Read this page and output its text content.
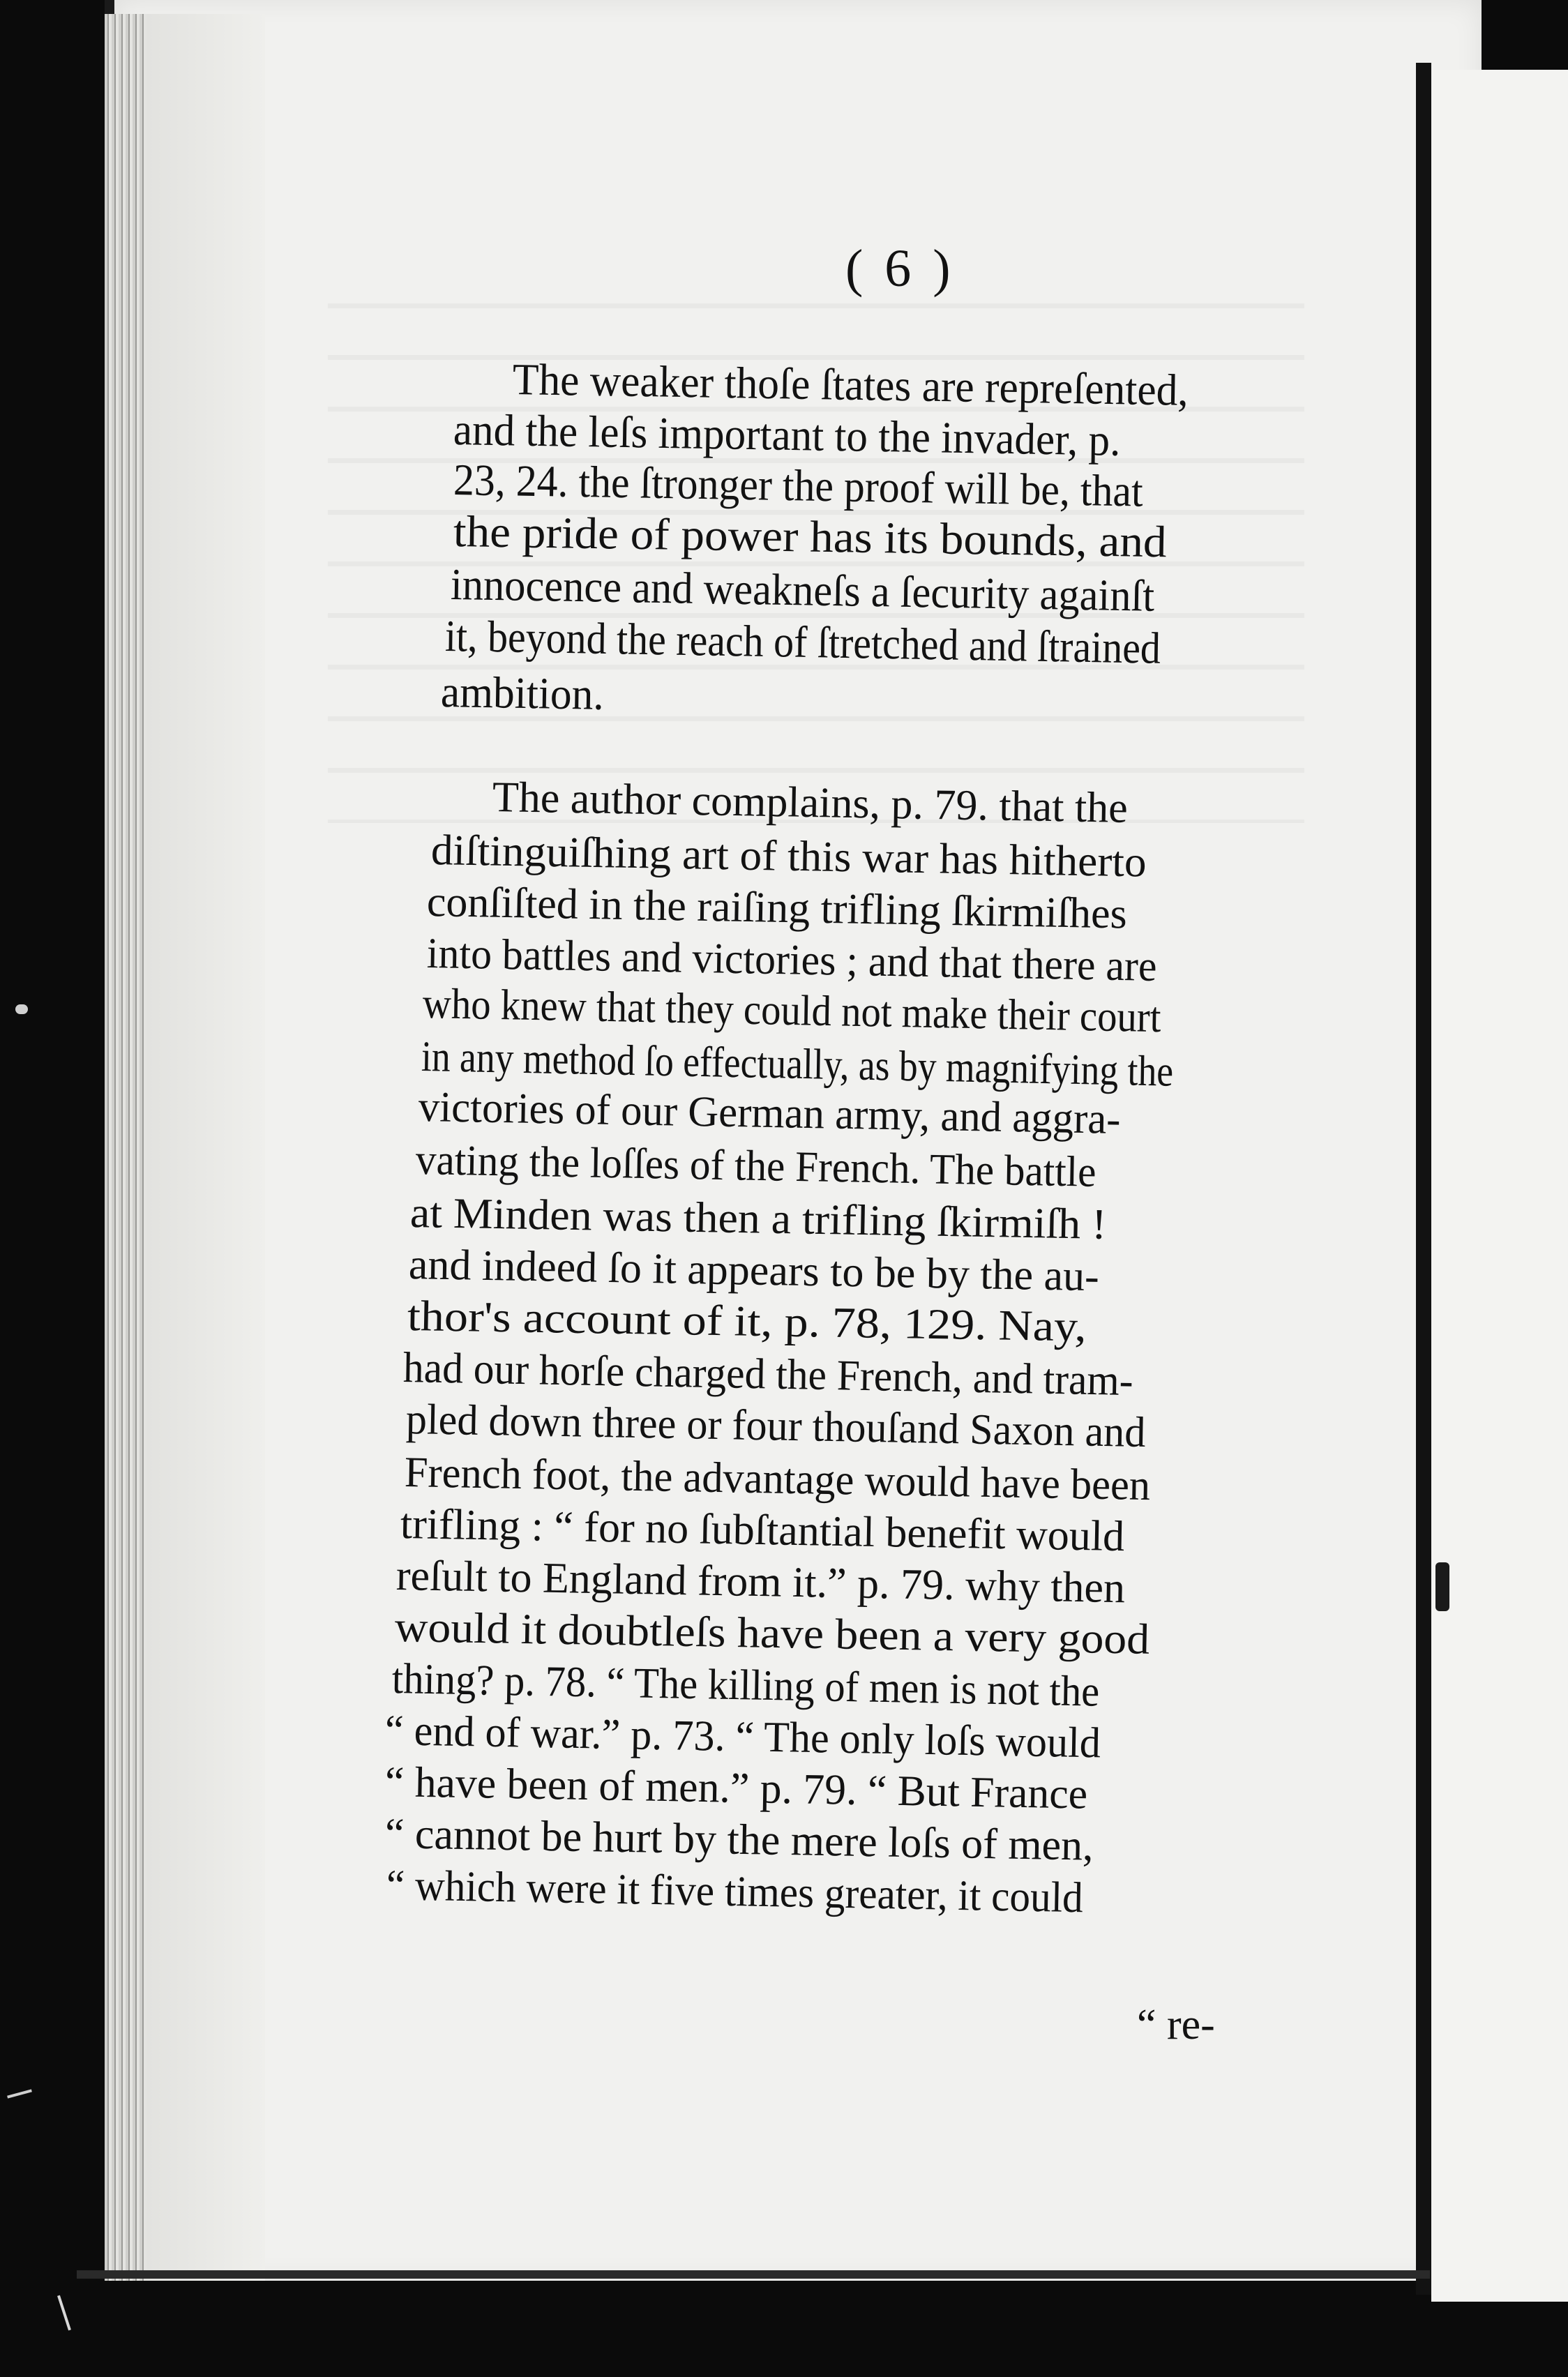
( 6 )
The weaker thoſe ſtates are repreſented,
and the leſs important to the invader, p.
23, 24. the ſtronger the proof will be, that
the pride of power has its bounds, and
innocence and weakneſs a ſecurity againſt
it, beyond the reach of ſtretched and ſtrained
ambition.
The author complains, p. 79. that the
diſtinguiſhing art of this war has hitherto
conſiſted in the raiſing trifling ſkirmiſhes
into battles and victories ; and that there are
who knew that they could not make their court
in any method ſo effectually, as by magnifying the
victories of our German army, and aggra-
vating the loſſes of the French. The battle
at Minden was then a trifling ſkirmiſh !
and indeed ſo it appears to be by the au-
thor's account of it, p. 78, 129. Nay,
had our horſe charged the French, and tram-
pled down three or four thouſand Saxon and
French foot, the advantage would have been
trifling : “ for no ſubſtantial benefit would
reſult to England from it.” p. 79. why then
would it doubtleſs have been a very good
thing? p. 78. “ The killing of men is not the
“ end of war.” p. 73. “ The only loſs would
“ have been of men.” p. 79. “ But France
“ cannot be hurt by the mere loſs of men,
“ which were it five times greater, it could
“ re-
